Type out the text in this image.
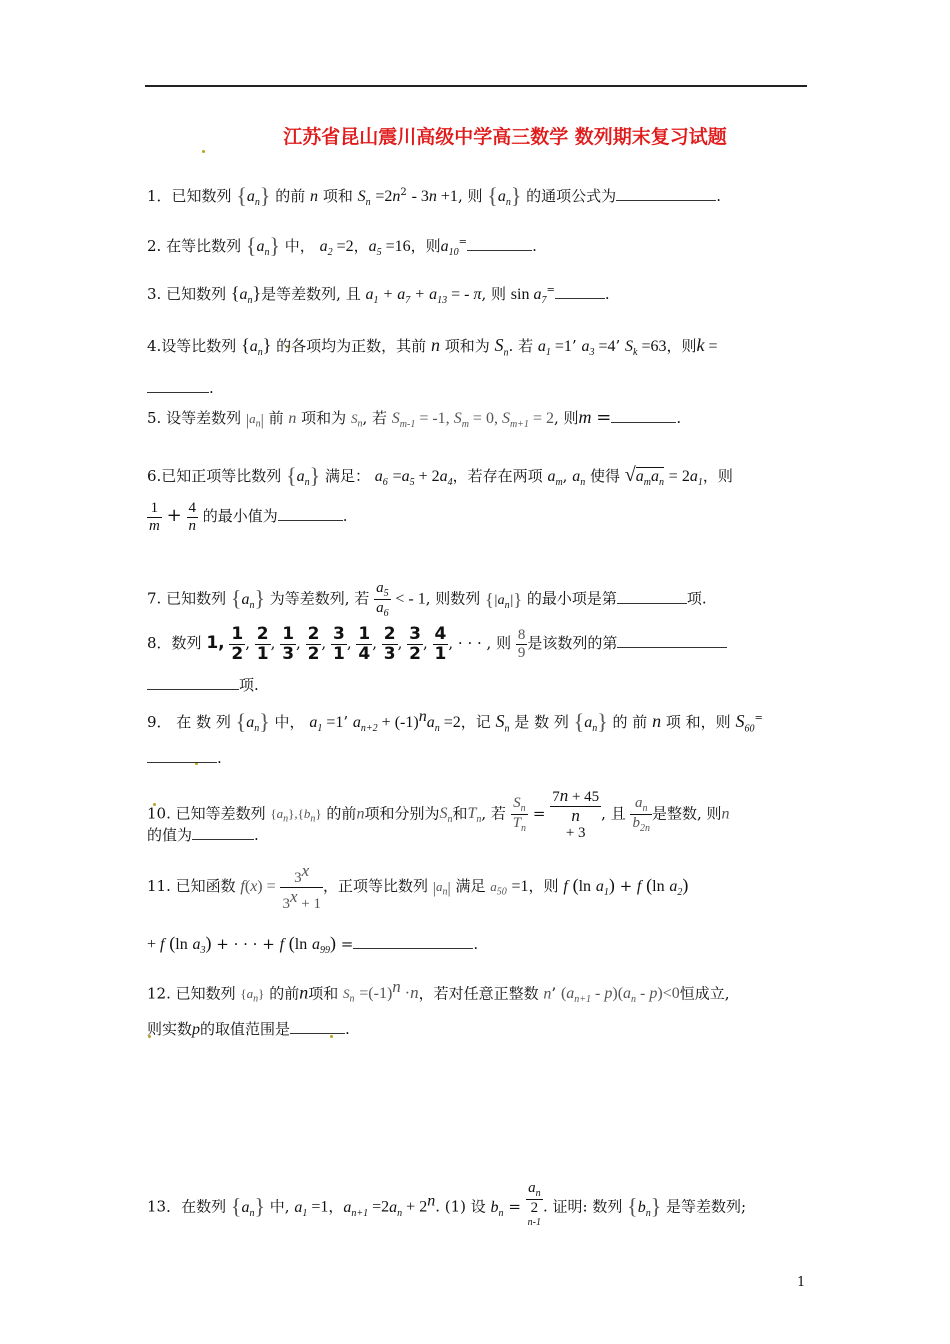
江苏省昆山震川高级中学高三数学 数列期末复习试题
1．已知数列 $\{a_n\}$ 的前 n 项和 $S_n =2n^2 - 3n +1$, 则 $\{a_n\}$ 的通项公式为	.
2. 在等比数列 $\{a_n\}$ 中， $a_2 =2$，$a_5 =16$，则$a_{10}^=$	.
3. 已知数列 $\{a_n\}$是等差数列, 且 $a_1 + a_7 + a_{13}$ = - π, 则 $\sin a_7^=$	.
4.设等比数列 $\{a_n\}$ 的各项均为正数，其前 n 项和为 $S_n$. 若 $a_1 =1$’ $a_3 =4$’ $S_k =63$，则k =
.
5. 设等差数列 $|a_n|$ 前 n 项和为 $S_n$, 若 $S_{m-1} = -1$, $S_m = 0$, $S_{m+1} = 2$, 则m =	.
6.已知正项等比数列 $\{a_n\}$ 满足： $a_6 =a_5 + 2a_4$，若存在两项 $a_m$, $a_n$ 使得 $√a_ma_n = 2a_1$，则
$\frac{1}{m} + \frac{4}{n}$ 的最小值为	.
7. 已知数列 $\{a_n\}$ 为等差数列, 若 $\frac{a_5}{a_6}$ < - 1, 则数列 $\{|a_n|\}$ 的最小项是第	项.
8．数列 1, $\frac{1}{2}$ , $\frac{2}{1}$ , $\frac{1}{3}$ , $\frac{2}{2}$ , $\frac{3}{1}$ , $\frac{1}{4}$ , $\frac{2}{3}$ , $\frac{3}{2}$ , $\frac{4}{1}$ , · · · , 则 $\frac{8}{9}$ 是该数列的第
项.
9． 在 数 列 $\{a_n\}$ 中， $a_1 =1$’ $a_{n+2} + (-1)^na_n =2$，记 $S_n$ 是 数 列 $\{a_n\}$ 的 前 n 项 和，则 $S_{60}^=$
.
10. 已知等差数列 $\{a_n\},\{b_n\}$ 的前n项和分别为$S_n$和$T_n$, 若 $\frac{S_n}{T_n} = 7n + 45$
n
+ 3 , 且 $\frac{a_n}{b_{2n}}$ 是整数, 则n
的值为	.
11. 已知函数 $f(x) = \frac{3^x}{3^x + 1}$ ，正项等比数列 $|a_n|$ 满足 $a_{50} =1$，则 f (ln $a_1) + f$ (ln $a_2$)
+ f (ln $a_3$) + · · · + f (ln $a_{99}$) =	.
12. 已知数列 $\{a_n\}$ 的前n项和 $S_n =(-1)^n \cdot n$，若对任意正整数 n’ $(a_{n+1} - p)(a_n - p)<0$恒成立,
则实数p的取值范围是	.
13．在数列 $\{a_n\}$ 中, $a_1 =1$，$a_{n+1} =2a_n + 2^n$. (1) 设 $b_n = a_n$
2
$^{n-1}$ . 证明: 数列 $\{b_n\}$ 是等差数列;
1
